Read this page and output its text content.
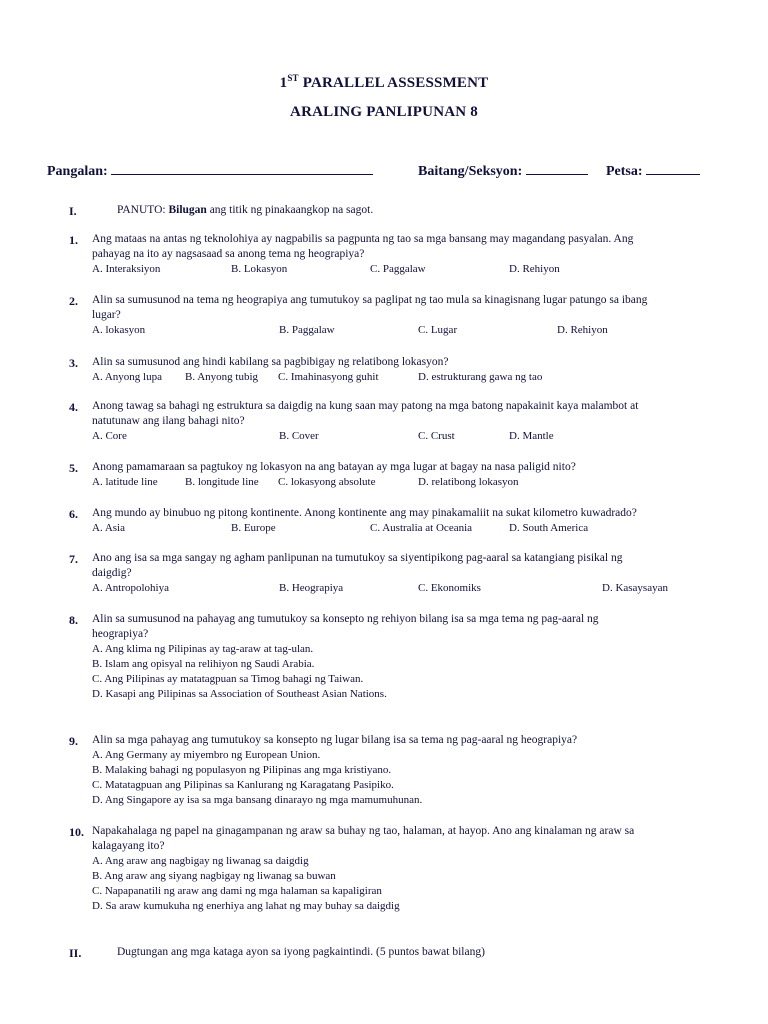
1ST PARALLEL ASSESSMENT
ARALING PANLIPUNAN 8
Pangalan:	Baitang/Seksyon:	Petsa:
I.	PANUTO: Bilugan ang titik ng pinakaangkop na sagot.
1. Ang mataas na antas ng teknolohiya ay nagpabilis sa pagpunta ng tao sa mga bansang may magandang pasyalan. Ang
pahayag na ito ay nagsasaad sa anong tema ng heograpiya?
A. Interaksiyon	B. Lokasyon	C. Paggalaw	D. Rehiyon
2. Alin sa sumusunod na tema ng heograpiya ang tumutukoy sa paglipat ng tao mula sa kinagisnang lugar patungo sa ibang
lugar?
A. lokasyon	B. Paggalaw	C. Lugar	D. Rehiyon
3. Alin sa sumusunod ang hindi kabilang sa pagbibigay ng relatibong lokasyon?
A. Anyong lupa B. Anyong tubig C. Imahinasyong guhit	D. estrukturang gawa ng tao
4. Anong tawag sa bahagi ng estruktura sa daigdig na kung saan may patong na mga batong napakainit kaya malambot at
natutunaw ang ilang bahagi nito?
A. Core	B. Cover	C. Crust	D. Mantle
5. Anong pamamaraan sa pagtukoy ng lokasyon na ang batayan ay mga lugar at bagay na nasa paligid nito?
A. latitude line B. longitude line C. lokasyong absolute	D. relatibong lokasyon
6. Ang mundo ay binubuo ng pitong kontinente. Anong kontinente ang may pinakamaliit na sukat kilometro kuwadrado?
A. Asia	B. Europe	C. Australia at Oceania	D. South America
7. Ano ang isa sa mga sangay ng agham panlipunan na tumutukoy sa siyentipikong pag-aaral sa katangiang pisikal ng
daigdig?
A. Antropolohiya	B. Heograpiya	C. Ekonomiks	D. Kasaysayan
8. Alin sa sumusunod na pahayag ang tumutukoy sa konsepto ng rehiyon bilang isa sa mga tema ng pag-aaral ng
heograpiya?
A. Ang klima ng Pilipinas ay tag-araw at tag-ulan.
B. Islam ang opisyal na relihiyon ng Saudi Arabia.
C. Ang Pilipinas ay matatagpuan sa Timog bahagi ng Taiwan.
D. Kasapi ang Pilipinas sa Association of Southeast Asian Nations.
9. Alin sa mga pahayag ang tumutukoy sa konsepto ng lugar bilang isa sa tema ng pag-aaral ng heograpiya?
A. Ang Germany ay miyembro ng European Union.
B. Malaking bahagi ng populasyon ng Pilipinas ang mga kristiyano.
C. Matatagpuan ang Pilipinas sa Kanlurang ng Karagatang Pasipiko.
D. Ang Singapore ay isa sa mga bansang dinarayo ng mga mamumuhunan.
10. Napakahalaga ng papel na ginagampanan ng araw sa buhay ng tao, halaman, at hayop. Ano ang kinalaman ng araw sa
kalagayang ito?
A. Ang araw ang nagbigay ng liwanag sa daigdig
B. Ang araw ang siyang nagbigay ng liwanag sa buwan
C. Napapanatili ng araw ang dami ng mga halaman sa kapaligiran
D. Sa araw kumukuha ng enerhiya ang lahat ng may buhay sa daigdig
II.	Dugtungan ang mga kataga ayon sa iyong pagkaintindi. (5 puntos bawat bilang)
